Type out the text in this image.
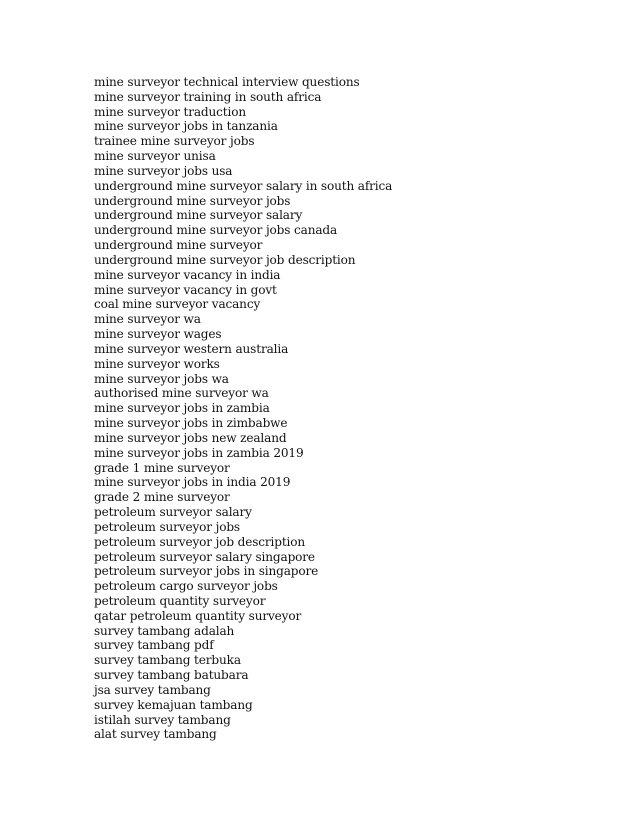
mine surveyor technical interview questions
mine surveyor training in south africa
mine surveyor traduction
mine surveyor jobs in tanzania
trainee mine surveyor jobs
mine surveyor unisa
mine surveyor jobs usa
underground mine surveyor salary in south africa
underground mine surveyor jobs
underground mine surveyor salary
underground mine surveyor jobs canada
underground mine surveyor
underground mine surveyor job description
mine surveyor vacancy in india
mine surveyor vacancy in govt
coal mine surveyor vacancy
mine surveyor wa
mine surveyor wages
mine surveyor western australia
mine surveyor works
mine surveyor jobs wa
authorised mine surveyor wa
mine surveyor jobs in zambia
mine surveyor jobs in zimbabwe
mine surveyor jobs new zealand
mine surveyor jobs in zambia 2019
grade 1 mine surveyor
mine surveyor jobs in india 2019
grade 2 mine surveyor
petroleum surveyor salary
petroleum surveyor jobs
petroleum surveyor job description
petroleum surveyor salary singapore
petroleum surveyor jobs in singapore
petroleum cargo surveyor jobs
petroleum quantity surveyor
qatar petroleum quantity surveyor
survey tambang adalah
survey tambang pdf
survey tambang terbuka
survey tambang batubara
jsa survey tambang
survey kemajuan tambang
istilah survey tambang
alat survey tambang
